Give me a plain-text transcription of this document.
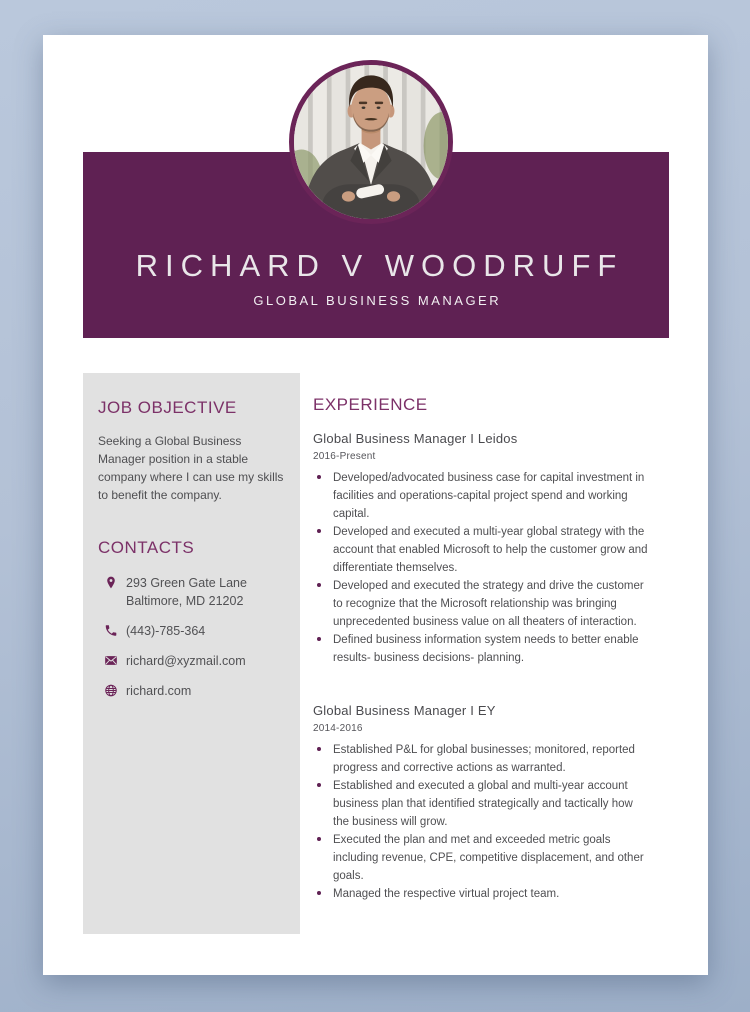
RICHARD V WOODRUFF
GLOBAL BUSINESS MANAGER
JOB OBJECTIVE

Seeking a Global Business Manager position in a stable company where I can use my skills to benefit the company.

CONTACTS
293 Green Gate Lane
Baltimore, MD 21202
(443)-785-364
richard@xyzmail.com
richard.com
EXPERIENCE
Global Business Manager I Leidos
2016-Present
Developed/advocated business case for capital investment in facilities and operations-capital project spend and working capital.
Developed and executed a multi-year global strategy with the account that enabled Microsoft to help the customer grow and differentiate themselves.
Developed and executed the strategy and drive the customer to recognize that the Microsoft relationship was bringing unprecedented business value on all theaters of interaction.
Defined business information system needs to better enable results- business decisions- planning.
Global Business Manager I EY
2014-2016
Established P&L for global businesses; monitored, reported progress and corrective actions as warranted.
Established and executed a global and multi-year account business plan that identified strategically and tactically how the business will grow.
Executed the plan and met and exceeded metric goals including revenue, CPE, competitive displacement, and other goals.
Managed the respective virtual project team.
